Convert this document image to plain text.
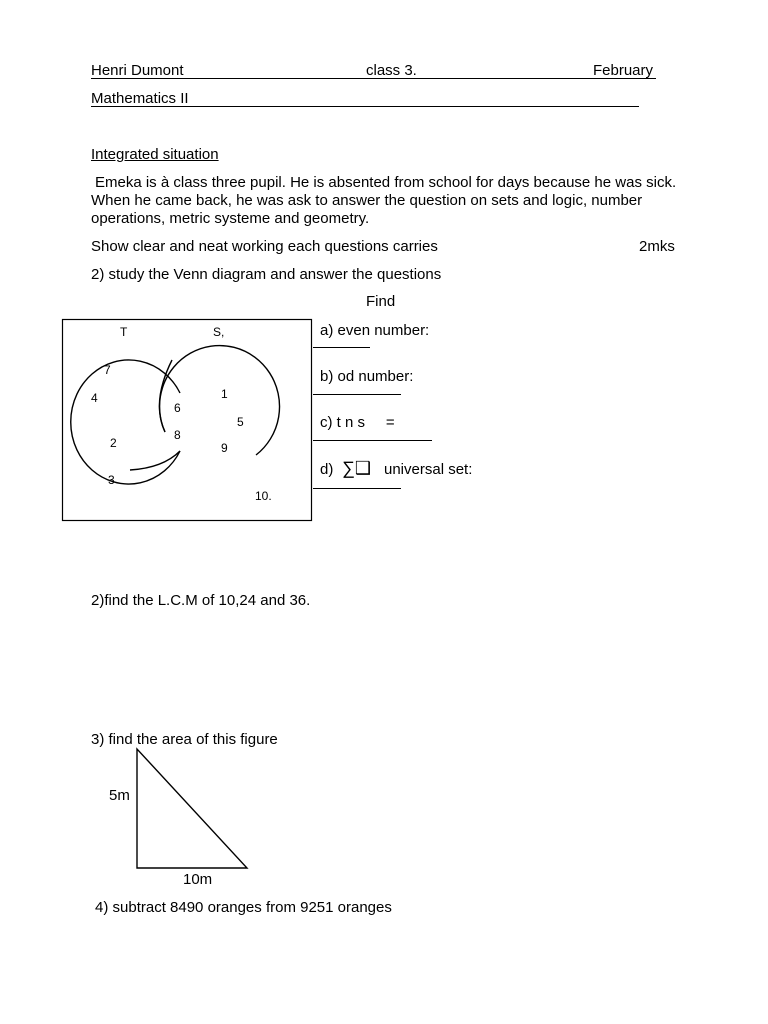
Henri Dumont	class 3.	February
Mathematics II
Integrated situation
Emeka is à class three pupil. He is absented from school for days because he was sick. When he came back, he was ask to answer the question on sets and logic, number operations, metric systeme and geometry.
Show clear and neat working each questions carries	2mks
2) study the Venn diagram and answer the questions
Find
T	S,
7
4
2
6
8
1
5
9
3
10.
a) even number:
b) od number:
c) t n s     =
d) ∑❑ universal set:
2)find the L.C.M of 10,24 and 36.
3) find the area of this figure
5m
10m
4) subtract 8490 oranges from 9251 oranges
